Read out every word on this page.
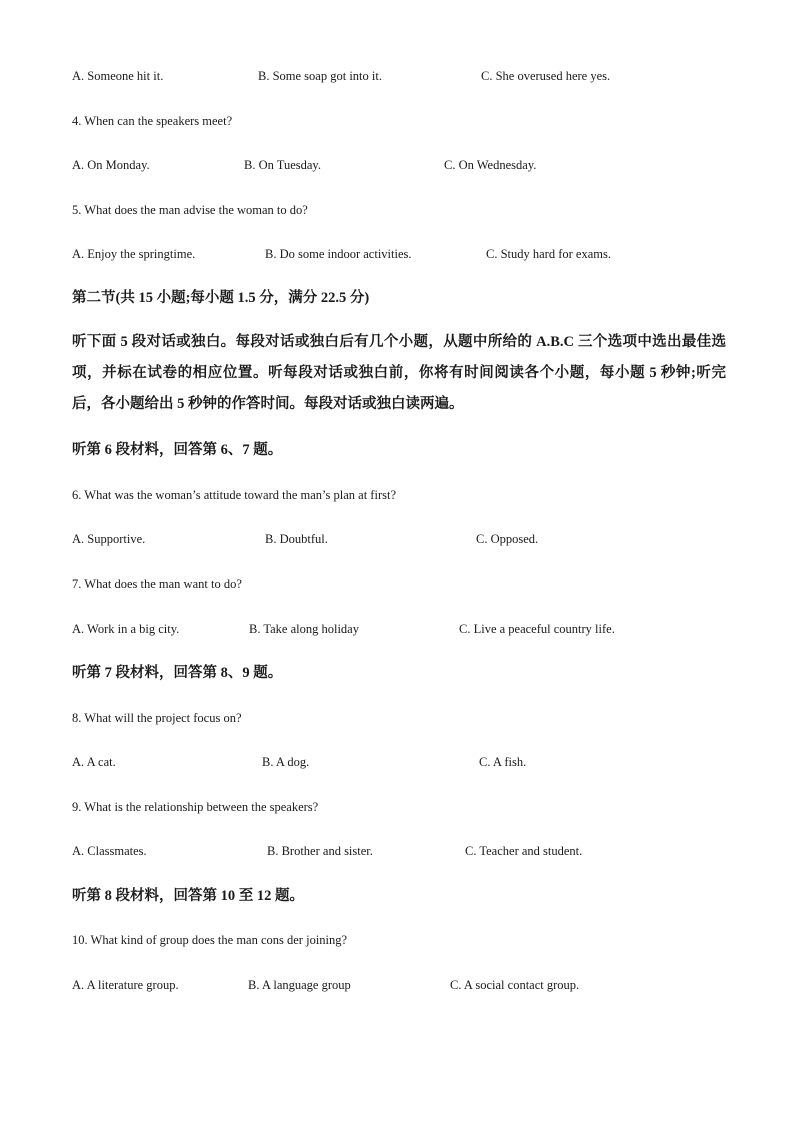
A. Someone hit it.	B. Some soap got into it.	C. She overused here yes.
4. When can the speakers meet?
A. On Monday.	B. On Tuesday.	C. On Wednesday.
5. What does the man advise the woman to do?
A. Enjoy the springtime.	B. Do some indoor activities.	C. Study hard for exams.
第二节(共 15 小题;每小题 1.5 分，满分 22.5 分)
听下面 5 段对话或独白。每段对话或独白后有几个小题，从题中所给的 A.B.C 三个选项中选出最佳选项，并标在试卷的相应位置。听每段对话或独白前，你将有时间阅读各个小题，每小题 5 秒钟;听完后，各小题给出 5 秒钟的作答时间。每段对话或独白读两遍。
听第 6 段材料，回答第 6、7 题。
6. What was the woman’s attitude toward the man’s plan at first?
A. Supportive.	B. Doubtful.	C. Opposed.
7. What does the man want to do?
A. Work in a big city.	B. Take along holiday	C. Live a peaceful country life.
听第 7 段材料，回答第 8、9 题。
8. What will the project focus on?
A. A cat.	B. A dog.	C. A fish.
9. What is the relationship between the speakers?
A. Classmates.	B. Brother and sister.	C. Teacher and student.
听第 8 段材料，回答第 10 至 12 题。
10. What kind of group does the man cons der joining?
A. A literature group.	B. A language group	C. A social contact group.
